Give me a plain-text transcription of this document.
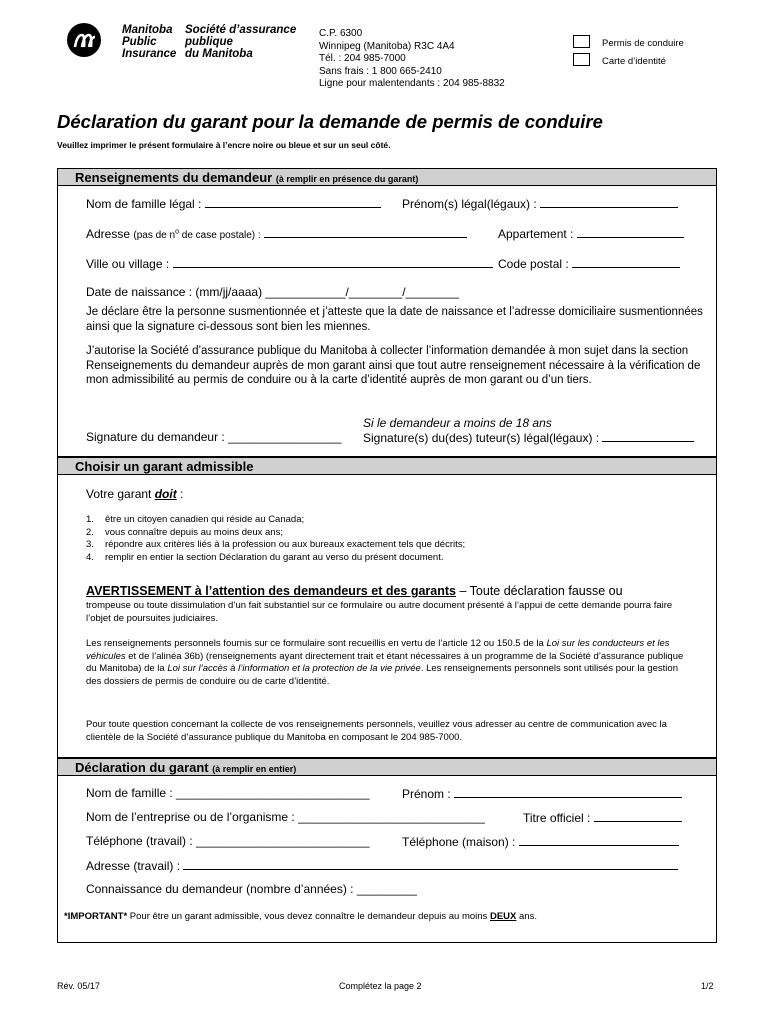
Manitoba
Public
Insurance
Société d’assurance
publique
du Manitoba
C.P. 6300
Winnipeg (Manitoba) R3C 4A4
Tél. : 204 985-7000
Sans frais : 1 800 665-2410
Ligne pour malentendants : 204 985-8832
Permis de conduire
Carte d’identité
Déclaration du garant pour la demande de permis de conduire
Veuillez imprimer le présent formulaire à l’encre noire ou bleue et sur un seul côté.
Renseignements du demandeur (à remplir en présence du garant)
Nom de famille légal :	Prénom(s) légal(légaux) :
Adresse (pas de $n^o$ de case postale) :	Appartement :
Ville ou village :	Code postal :
Date de naissance : (mm/jj/aaaa) ____________/________/________
Je déclare être la personne susmentionnée et j’atteste que la date de naissance et l’adresse domiciliaire susmentionnées ainsi que la signature ci-dessous sont bien les miennes.
J’autorise la Société d’assurance publique du Manitoba à collecter l’information demandée à mon sujet dans la section Renseignements du demandeur auprès de mon garant ainsi que tout autre renseignement nécessaire à la vérification de mon admissibilité au permis de conduire ou à la carte d’identité auprès de mon garant ou d’un tiers.
Si le demandeur a moins de 18 ans
Signature du demandeur : _________________ Signature(s) du(des) tuteur(s) légal(légaux) :
Choisir un garant admissible
Votre garant doit :
1. être un citoyen canadien qui réside au Canada;
2. vous connaître depuis au moins deux ans;
3. répondre aux critères liés à la profession ou aux bureaux exactement tels que décrits;
4. remplir en entier la section Déclaration du garant au verso du présent document.
AVERTISSEMENT à l’attention des demandeurs et des garants – Toute déclaration fausse ou
trompeuse ou toute dissimulation d’un fait substantiel sur ce formulaire ou autre document présenté à l’appui de cette demande pourra faire l’objet de poursuites judiciaires.
Les renseignements personnels fournis sur ce formulaire sont recueillis en vertu de l’article 12 ou 150.5 de la Loi sur les conducteurs et les véhicules et de l’alinéa 36b) (renseignements ayant directement trait et étant nécessaires à un programme de la Société d’assurance publique du Manitoba) de la Loi sur l’accès à l’information et la protection de la vie privée. Les renseignements personnels sont utilisés pour la gestion des dossiers de permis de conduire ou de carte d’identité.
Pour toute question concernant la collecte de vos renseignements personnels, veuillez vous adresser au centre de communication avec la clientèle de la Société d’assurance publique du Manitoba en composant le 204 985-7000.
Déclaration du garant (à remplir en entier)
Nom de famille : _____________________________	Prénom :
Nom de l’entreprise ou de l’organisme : ____________________________	Titre officiel :
Téléphone (travail) : __________________________	Téléphone (maison) :
Adresse (travail) :
Connaissance du demandeur (nombre d’années) : _________
*IMPORTANT* Pour être un garant admissible, vous devez connaître le demandeur depuis au moins DEUX ans.
Rév. 05/17	Complétez la page 2	1/2
